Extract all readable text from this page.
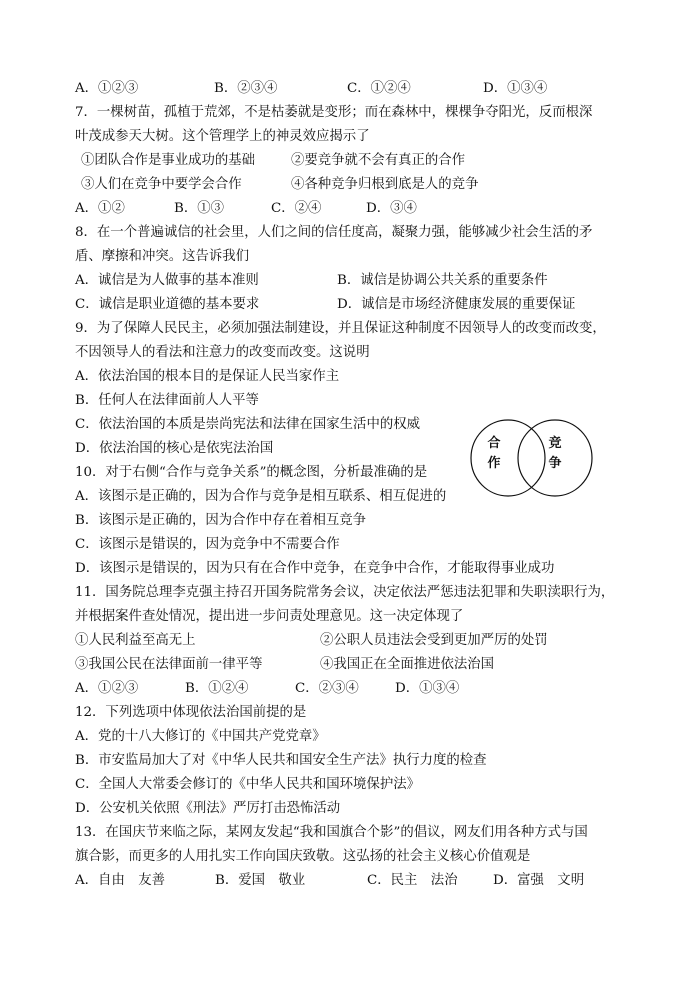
A．①②③	B．②③④	C．①②④	D．①③④
7．一棵树苗，孤植于荒郊，不是枯萎就是变形；而在森林中，棵棵争夺阳光，反而根深
叶茂成参天大树。这个管理学上的神灵效应揭示了
①团队合作是事业成功的基础	②要竞争就不会有真正的合作
③人们在竞争中要学会合作	④各种竞争归根到底是人的竞争
A．①②	B．①③	C．②④	D．③④
8．在一个普遍诚信的社会里，人们之间的信任度高，凝聚力强，能够减少社会生活的矛
盾、摩擦和冲突。这告诉我们
A．诚信是为人做事的基本准则	B．诚信是协调公共关系的重要条件
C．诚信是职业道德的基本要求	D．诚信是市场经济健康发展的重要保证
9．为了保障人民民主，必须加强法制建设，并且保证这种制度不因领导人的改变而改变，
不因领导人的看法和注意力的改变而改变。这说明
A．依法治国的根本目的是保证人民当家作主
B．任何人在法律面前人人平等
C．依法治国的本质是崇尚宪法和法律在国家生活中的权威
D．依法治国的核心是依宪法治国	合
作
竞
争
10．对于右侧“合作与竞争关系”的概念图，分析最准确的是
A．该图示是正确的，因为合作与竞争是相互联系、相互促进的
B．该图示是正确的，因为合作中存在着相互竞争
C．该图示是错误的，因为竞争中不需要合作
D．该图示是错误的，因为只有在合作中竞争，在竞争中合作，才能取得事业成功
11．国务院总理李克强主持召开国务院常务会议，决定依法严惩违法犯罪和失职渎职行为，
并根据案件查处情况，提出进一步问责处理意见。这一决定体现了
①人民利益至高无上	②公职人员违法会受到更加严厉的处罚
③我国公民在法律面前一律平等	④我国正在全面推进依法治国
A．①②③	B．①②④	C．②③④	D．①③④
12．下列选项中体现依法治国前提的是
A．党的十八大修订的《中国共产党党章》
B．市安监局加大了对《中华人民共和国安全生产法》执行力度的检查
C．全国人大常委会修订的《中华人民共和国环境保护法》
D．公安机关依照《刑法》严厉打击恐怖活动
13．在国庆节来临之际，某网友发起“我和国旗合个影”的倡议，网友们用各种方式与国
旗合影，而更多的人用扎实工作向国庆致敬。这弘扬的社会主义核心价值观是
A．自由　友善	B．爱国　敬业	C．民主　法治	D．富强　文明
